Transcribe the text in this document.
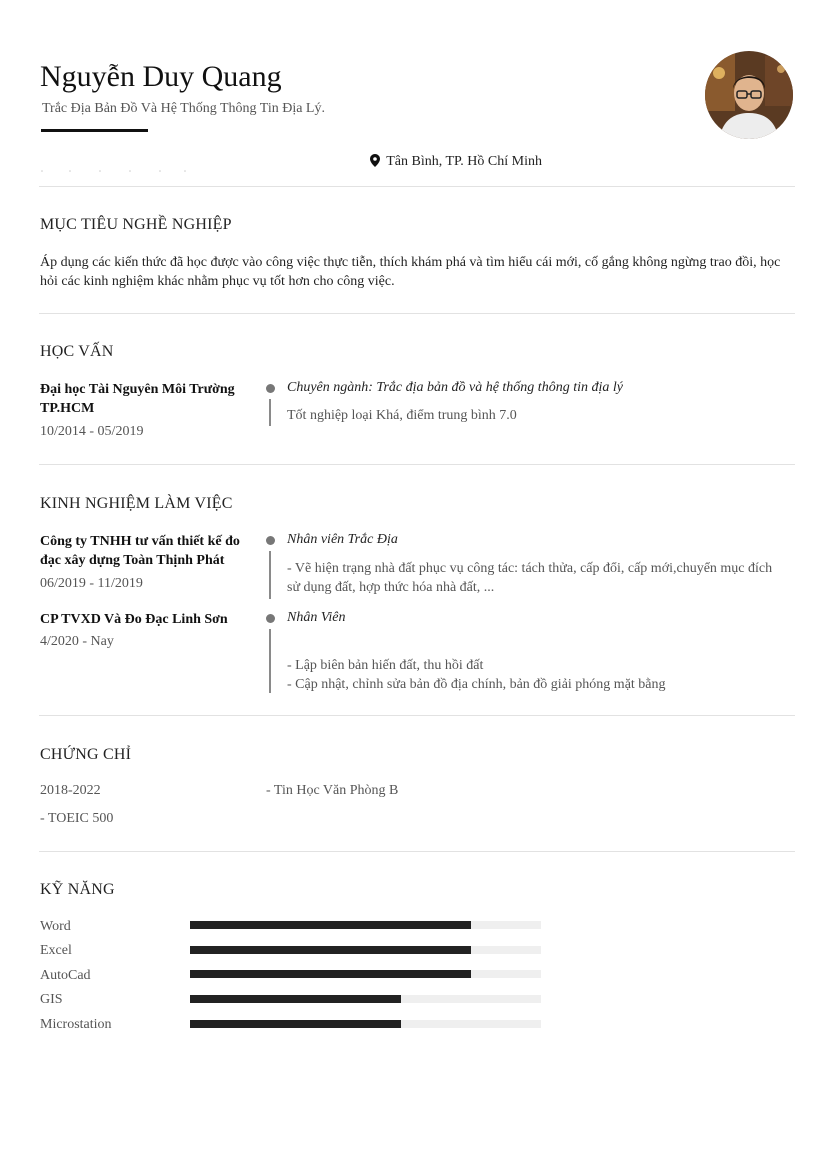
Nguyễn Duy Quang
Trắc Địa Bản Đồ Và Hệ Thống Thông Tin Địa Lý.
Tân Bình, TP. Hồ Chí Minh
MỤC TIÊU NGHỀ NGHIỆP
Áp dụng các kiến thức đã học được vào công việc thực tiễn, thích khám phá và tìm hiểu cái mới, cố gắng không ngừng trao đồi, học hỏi các kinh nghiệm khác nhằm phục vụ tốt hơn cho công việc.
HỌC VẤN
Đại học Tài Nguyên Môi Trường TP.HCM
10/2014 - 05/2019
Chuyên ngành: Trắc địa bản đồ và hệ thống thông tin địa lý
Tốt nghiệp loại Khá, điểm trung bình 7.0
KINH NGHIỆM LÀM VIỆC
Công ty TNHH tư vấn thiết kế đo đạc xây dựng Toàn Thịnh Phát
06/2019 - 11/2019
Nhân viên Trắc Địa
- Vẽ hiện trạng nhà đất phục vụ công tác: tách thửa, cấp đổi, cấp mới,chuyển mục đích sử dụng đất, hợp thức hóa nhà đất, ...
CP TVXD Và Đo Đạc Linh Sơn
4/2020 - Nay
Nhân Viên
- Lập biên bản hiến đất, thu hồi đất
- Cập nhật, chỉnh sửa bản đồ địa chính, bản đồ giải phóng mặt bằng
CHỨNG CHỈ
2018-2022	- Tin Học Văn Phòng B
- TOEIC 500
KỸ NĂNG
Word
Excel
AutoCad
GIS
Microstation
